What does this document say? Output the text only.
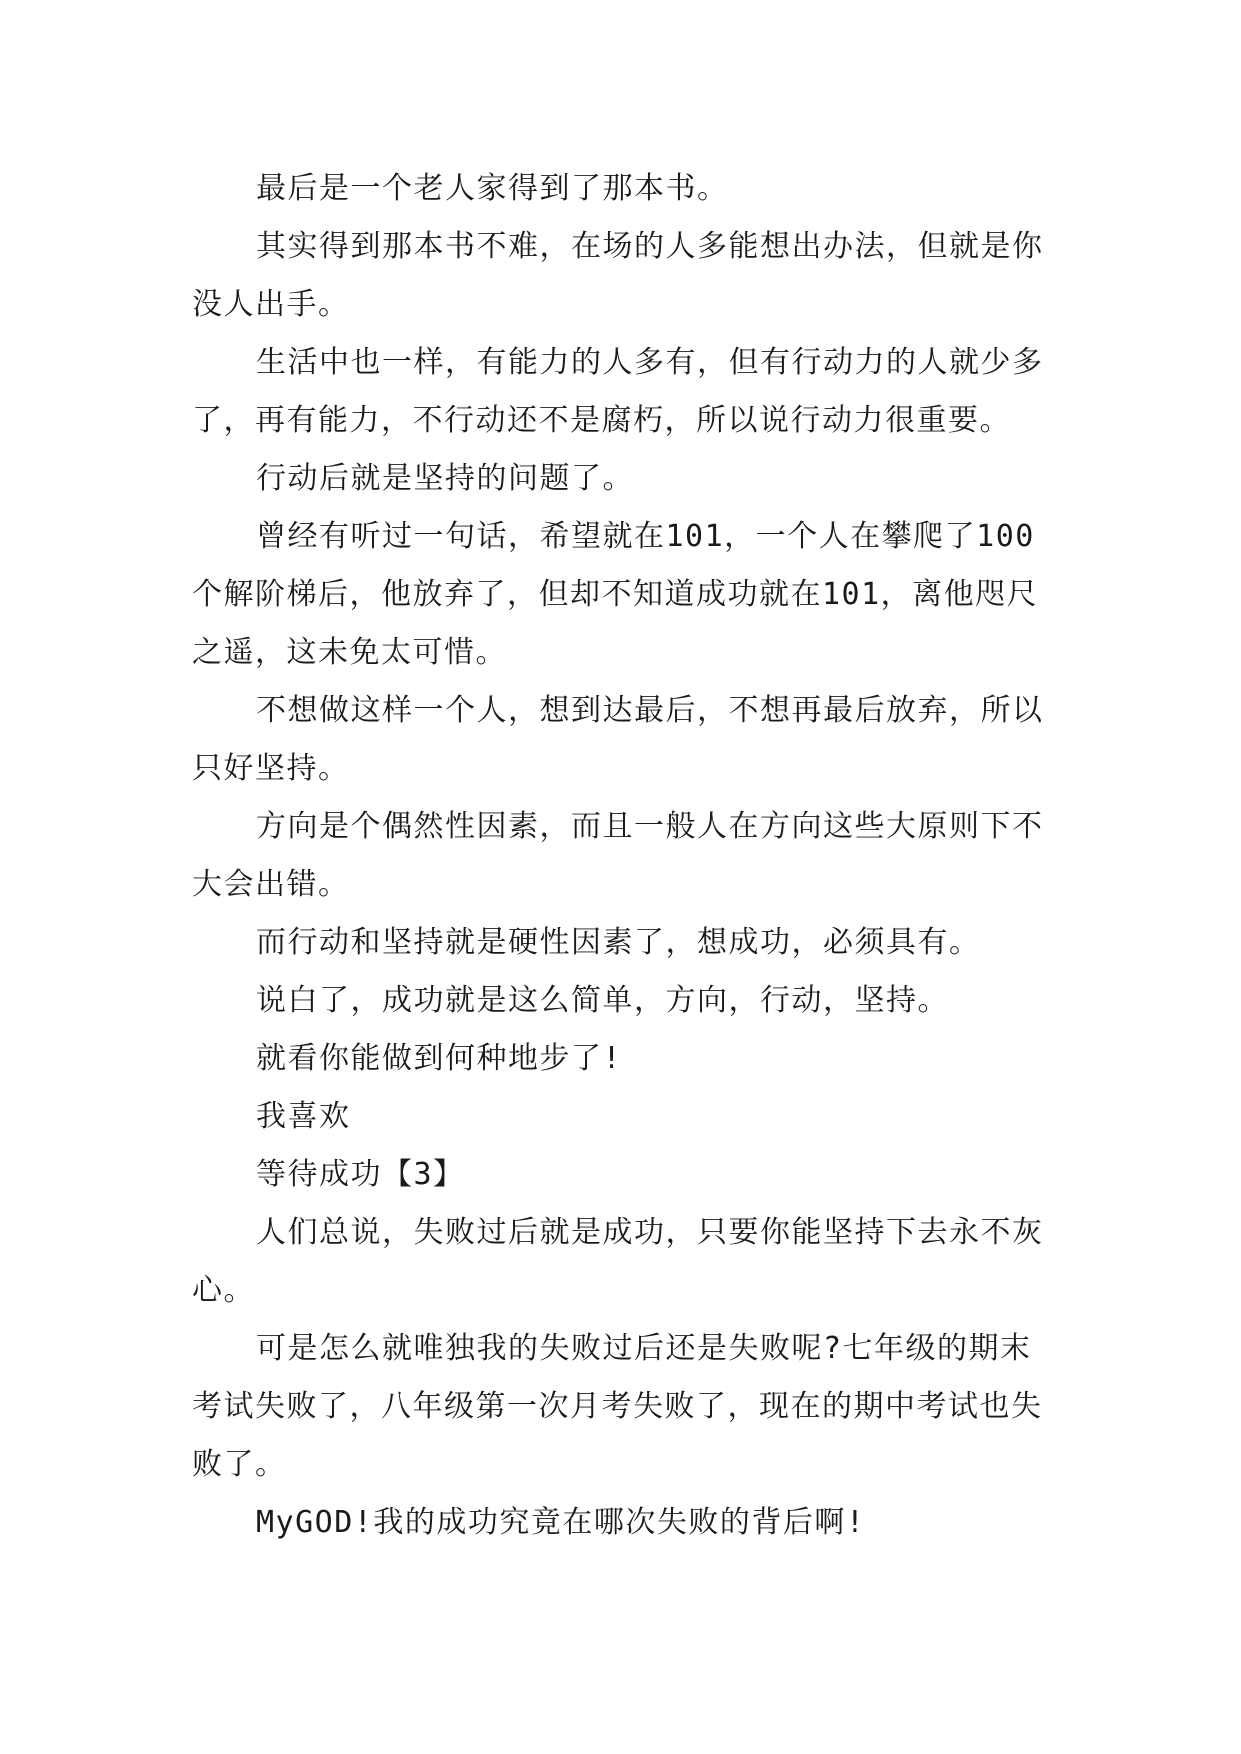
最后是一个老人家得到了那本书。

其实得到那本书不难，在场的人多能想出办法，但就是你没人出手。

生活中也一样，有能力的人多有，但有行动力的人就少多了，再有能力，不行动还不是腐朽，所以说行动力很重要。

行动后就是坚持的问题了。

曾经有听过一句话，希望就在101，一个人在攀爬了100个解阶梯后，他放弃了，但却不知道成功就在101，离他咫尺之遥，这未免太可惜。

不想做这样一个人，想到达最后，不想再最后放弃，所以只好坚持。

方向是个偶然性因素，而且一般人在方向这些大原则下不大会出错。

而行动和坚持就是硬性因素了，想成功，必须具有。

说白了，成功就是这么简单，方向，行动，坚持。

就看你能做到何种地步了!

我喜欢

等待成功【3】

人们总说，失败过后就是成功，只要你能坚持下去永不灰心。

可是怎么就唯独我的失败过后还是失败呢?七年级的期末考试失败了，八年级第一次月考失败了，现在的期中考试也失败了。

MyGOD!我的成功究竟在哪次失败的背后啊!
